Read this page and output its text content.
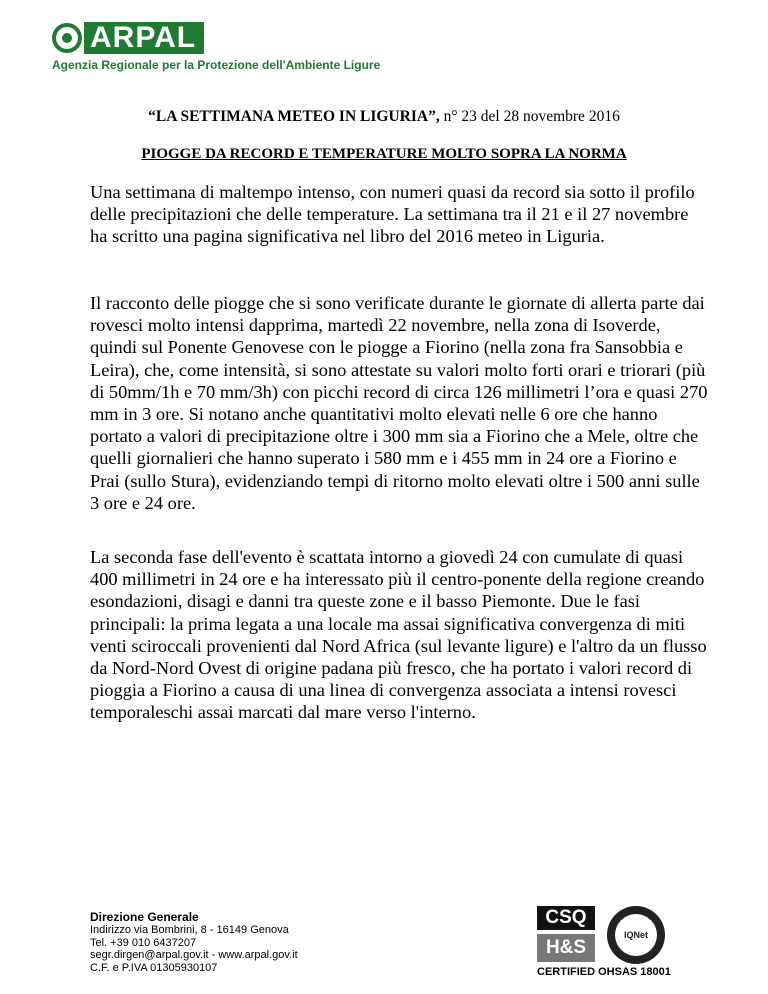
ARPAL
Agenzia Regionale per la Protezione dell'Ambiente Ligure
“LA SETTIMANA METEO IN LIGURIA”, n° 23 del 28 novembre 2016
PIOGGE DA RECORD E TEMPERATURE MOLTO SOPRA LA NORMA

Una settimana di maltempo intenso, con numeri quasi da record sia sotto il profilo delle precipitazioni che delle temperature. La settimana tra il 21 e il 27 novembre ha scritto una pagina significativa nel libro del 2016 meteo in Liguria.

Il racconto delle piogge che si sono verificate durante le giornate di allerta parte dai rovesci molto intensi dapprima, martedì 22 novembre, nella zona di Isoverde, quindi sul Ponente Genovese con le piogge a Fiorino (nella zona fra Sansobbia e Leira), che, come intensità, si sono attestate su valori molto forti orari e triorari (più di 50mm/1h e 70 mm/3h) con picchi record di circa 126 millimetri l’ora e quasi 270 mm in 3 ore. Si notano anche quantitativi molto elevati nelle 6 ore che hanno portato a valori di precipitazione oltre i 300 mm sia a Fiorino che a Mele, oltre che quelli giornalieri che hanno superato i 580 mm e i 455 mm in 24 ore a Fiorino e Prai (sullo Stura), evidenziando tempi di ritorno molto elevati oltre i 500 anni sulle 3 ore e 24 ore.

La seconda fase dell'evento è scattata intorno a giovedì 24 con cumulate di quasi 400 millimetri in 24 ore e ha interessato più il centro-ponente della regione creando esondazioni, disagi e danni tra queste zone e il basso Piemonte. Due le fasi principali: la prima legata a una locale ma assai significativa convergenza di miti venti sciroccali provenienti dal Nord Africa (sul levante ligure) e l'altro da un flusso da Nord-Nord Ovest di origine padana più fresco, che ha portato i valori record di pioggia a Fiorino a causa di una linea di convergenza associata a intensi rovesci temporaleschi assai marcati dal mare verso l'interno.

Direzione Generale
Indirizzo via Bombrini, 8 - 16149 Genova
Tel. +39 010 6437207
segr.dirgen@arpal.gov.it - www.arpal.gov.it
C.F. e P.IVA 01305930107
CSQ
H&S
IQNet
CERTIFIED OHSAS 18001
